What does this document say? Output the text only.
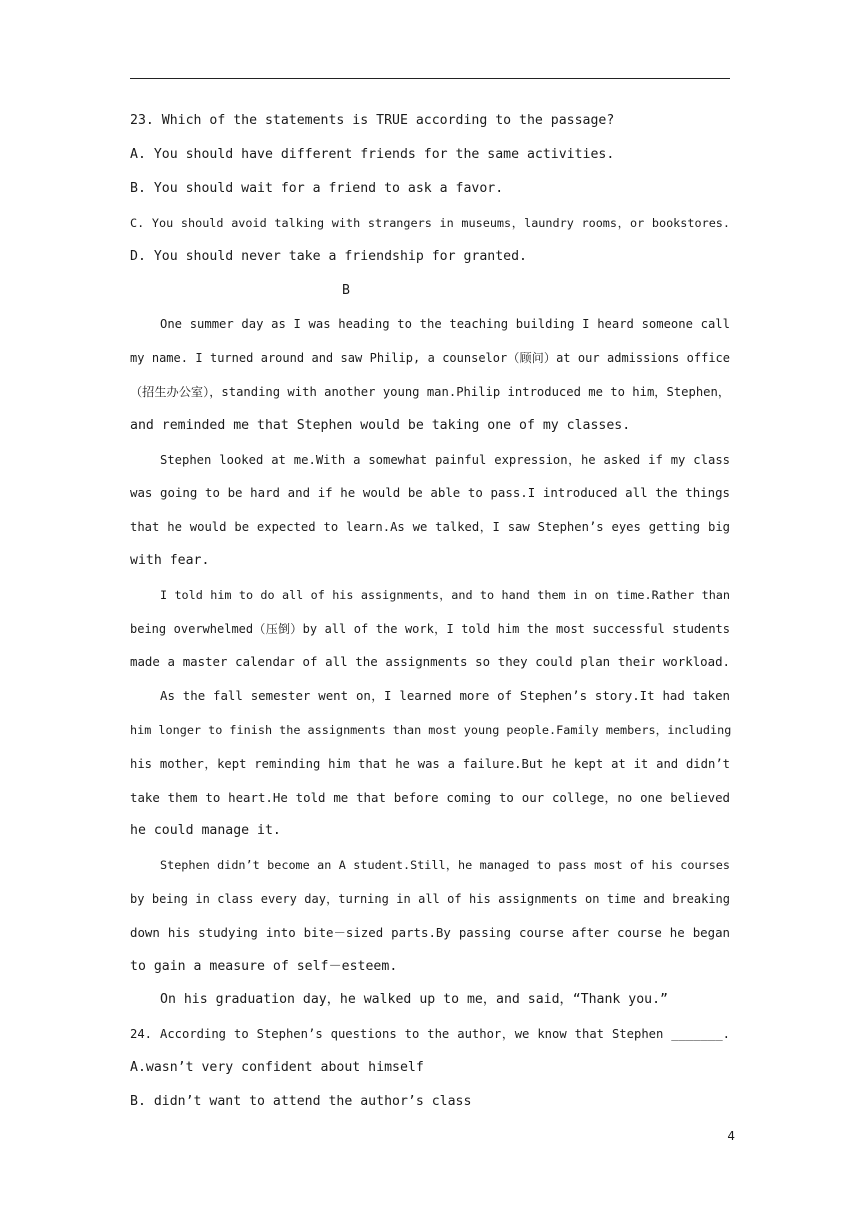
23. Which of the statements is TRUE according to the passage?
A. You should have different friends for the same activities.
B. You should wait for a friend to ask a favor.
C. You should avoid talking with strangers in museums，laundry rooms，or bookstores.
D. You should never take a friendship for granted.
B
One summer day as I was heading to the teaching building I heard someone call
my name. I turned around and saw Philip, a counselor（顾问）at our admissions office
（招生办公室），standing with another young man.Philip introduced me to him，Stephen，
and reminded me that Stephen would be taking one of my classes.
Stephen looked at me.With a somewhat painful expression，he asked if my class
was going to be hard and if he would be able to pass.I introduced all the things
that he would be expected to learn.As we talked，I saw Stephen’s eyes getting big
with fear.
I told him to do all of his assignments，and to hand them in on time.Rather than
being overwhelmed（压倒）by all of the work，I told him the most successful students
made a master calendar of all the assignments so they could plan their workload.
As the fall semester went on，I learned more of Stephen’s story.It had taken
him longer to finish the assignments than most young people.Family members，including
his mother，kept reminding him that he was a failure.But he kept at it and didn’t
take them to heart.He told me that before coming to our college，no one believed
he could manage it.
Stephen didn’t become an A student.Still，he managed to pass most of his courses
by being in class every day，turning in all of his assignments on time and breaking
down his studying into bite－sized parts.By passing course after course he began
to gain a measure of self－esteem.
On his graduation day，he walked up to me，and said，“Thank you.”
24. According to Stephen’s questions to the author，we know that Stephen _______.
A.wasn’t very confident about himself
B. didn’t want to attend the author’s class
4
